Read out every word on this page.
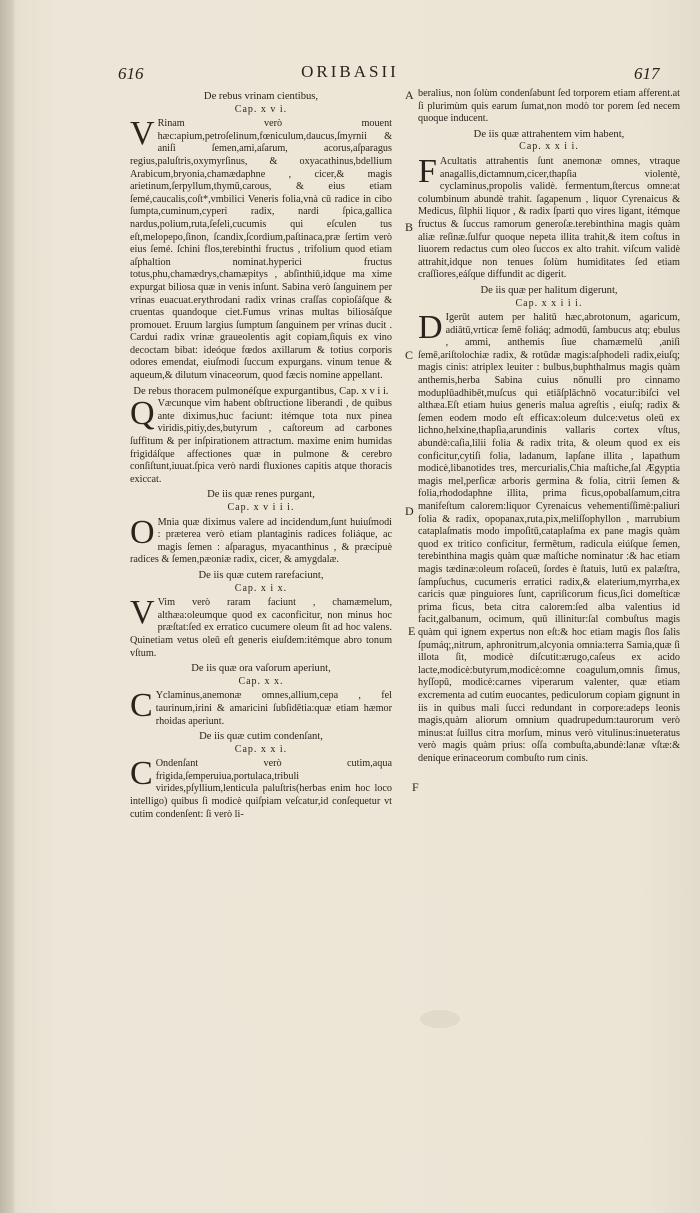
616	ORIBASII	617
De rebus vrinam cientibus,
Cap. x v i.

V Rinam verò mouent hæc:apium,petroſelinum,fœniculum,daucus,ſmyrnii & aniſi ſemen,ami,aſarum, acorus,aſparagus regius,paluſtris,oxymyrſinus, & oxyacathinus,bdellium Arabicum,bryonia,chamædaphne , cicer,& magis arietinum,ſerpyllum,thymū,carous, & eius etiam ſemé,caucalis,coſt*,vmbilici Veneris folia,vnà cū radice in cibo ſumpta,cuminum,cyperi radix, nardi ſpica,gallica nardus,polium,ruta,ſeſeli,cucumis qui eſculen tus eſt,melopepo,ſinon, ſcandix,ſcordium,paſtinaca,præ ſertim verò eius ſemé. ſchini flos,terebinthi fructus , trifolium quod etiam aſphaltion nominat.hyperici fructus totus,phu,chamædrys,chamæpitys , abſinthiū,idque ma xime expurgat biliosa quæ in venis inſunt. Sabina verò ſanguinem per vrinas euacuat.erythrodani radix vrinas craſſas copioſáſque & cruentas quandoque ciet.Fumus vrinas multas biliosáſque promouet. Eruum largius ſumptum ſanguinem per vrinas ducit . Cardui radix vrinæ graueolentis agit copiam,ſiquis ex vino decoctam bibat: ideóque fœdos axillarum & totius corporis odores emendat, eiuſmodi ſuccum expurgans. vinum tenue & aqueum,& dilutum vinaceorum, quod fæcis nomine appellant.

De rebus thoracem pulmonéſque expurgantibus, Cap. x v i i.

Q Væcunque vim habent obſtructione liberandi , de quibus ante diximus,huc faciunt: itémque tota nux pinea viridis,pitiy,des,butyrum , caſtoreum ad carbones ſuffitum & per inſpirationem attractum. maxime enim humidas frigidáſque affectiones quæ in pulmone & cerebro conſiſtunt,iuuat.ſpica verò nardi fluxiones capitis atque thoracis exiccat.

De iis quæ renes purgant,
Cap. x v i i i.

O Mnia quæ diximus valere ad incidendum,ſunt huiuſmodi : præterea verò etiam plantaginis radices foliáque, ac magis ſemen : aſparagus, myacanthinus , & præcipuè radices & ſemen,pæoniæ radix, cicer, & amygdalæ.

De iis quæ cutem rarefaciunt,
Cap. x i x.

V Vim verò raram faciunt , chamæmelum, althæa:oleumque quod ex caconficitur, non minus hoc præſtat:ſed ex erratico cucumere oleum ſit ad hoc valens. Quinetiam vetus oleū eſt generis eiuſdem:itémque abro tonum vſtum.

De iis quæ ora vaſorum aperiunt,
Cap. x x.

C Yclaminus,anemonæ omnes,allium,cepa , fel taurinum,irini & amaricini ſubſidētia:quæ etiam hæmor rhoidas aperiunt.

De iis quæ cutim condenſant,
Cap. x x i.

C Ondenſant verò cutim,aqua frigida,ſemperuiua,portulaca,tribuli virides,pſyllium,lenticula paluſtris(herbas enim hoc loco intelligo) quibus ſi modicè quiſpiam veſcatur,id conſequetur vt cutim condenſent: ſi verò li-

beralius, non ſolùm condenſabunt ſed torporem etiam afferent.at ſi plurimùm quis earum ſumat,non modò tor porem ſed necem quoque inducent.

De iis quæ attrahentem vim habent,
Cap. x x i i.

F Acultatis attrahentis ſunt anemonæ omnes, vtraque anagallis,dictamnum,cicer,thapſia violentè, cyclaminus,propolis validè. fermentum,ſtercus omne:at columbinum abundè trahit. ſagapenum , liquor Cyrenaicus & Medicus, ſilphii liquor , & radix ſparti quo vires ligant, itémque fructus & ſuccus ramorum generoſæ.terebinthina magis quàm aliæ reſinæ.ſulfur quoque nepeta illita trahit,& item coſtus in liuorem redactus cum oleo ſuccos ex alto trahit. viſcum validè attrahit,idque non tenues ſolùm humiditates ſed etiam craſſiores,eáſque diffundit ac digerit.

De iis quæ per halitum digerunt,
Cap. x x i i i.

D Igerūt autem per halitū hæc,abrotonum, agaricum, adiātū,vrticæ ſemē foliáq; admodū, ſambucus atq; ebulus , ammi, anthemis ſiue chamæmelū ,aniſi ſemē,ariſtolochiæ radix, & rotūdæ magis:aſphodeli radix,eiuſq; magis cinis: atriplex leuiter : bulbus,buphthalmus magis quàm anthemis,herba Sabina cuius nōnulli pro cinnamo moduplūadhibēt,muſcus qui etiāſplāchnō vocatur:ibiſci vel althæa.Eſt etiam huius generis malua agreſtis , eiuſq; radix & ſemen eodem modo eſt efficax:oleum dulce:vetus oleū ex lichno,helxine,thapſia,arundinis vallaris cortex vſtus, abundè:caſia,lilii folia & radix trita, & oleum quod ex eis conficitur,cytiſi folia, ladanum, lapſane illita , lapathum modicè,libanotides tres, mercurialis,Chia maſtiche,ſal Ægyptia magis mel,perſicæ arboris germina & folia, citrii ſemen & folia,rhododaphne illita, prima ficus,opobalſamum,citra manifeſtum calorem:liquor Cyrenaicus vehementiſſimè:paliuri folia & radix, opopanax,ruta,pix,meliſſophyllon , marrubium cataplaſmatis modo impoſitū,cataplaſma ex pane magis quàm quod ex tritico conficitur, fermētum, radicula eiúſque ſemen, terebinthina magis quàm quæ maſtiche nominatur :& hac etiam magis tædinæ:oleum roſaceū, ſordes è ſtatuis, lutū ex palæſtra, ſampſuchus, cucumeris erratici radix,& elaterium,myrrha,ex caricis quæ pinguiores ſunt, capriſicorum ficus,ſici domeſticæ prima ficus, beta citra calorem:ſed alba valentius id facit,galbanum, ocimum, quū illinitur:ſal combuſtus magis quàm qui ignem expertus non eſt:& hoc etiam magis ſlos ſalis ſpumáq;,nitrum, aphronitrum,alcyonia omnia:terra Samia,quæ ſi illota ſit, modicè diſcutit:ærugo,caſeus ex acido lacte,modicè:butyrum,modicè:omne coagulum,omnis ſimus, hyſſopū, modicè:carnes viperarum valenter, quæ etiam excrementa ad cutim euocantes, pediculorum copiam gignunt in iis in quibus mali ſucci redundant in corpore:adeps leonis magis,quàm aliorum omnium quadrupedum:taurorum verò minus:at ſuillus citra morſum, minus verò vitulinus:inueteratus verò magis quàm prius: oſſa combuſta,abundè:lanæ vſtæ:& denique erinaceorum combuſto rum cinis.

A
B
C
D
E
F
